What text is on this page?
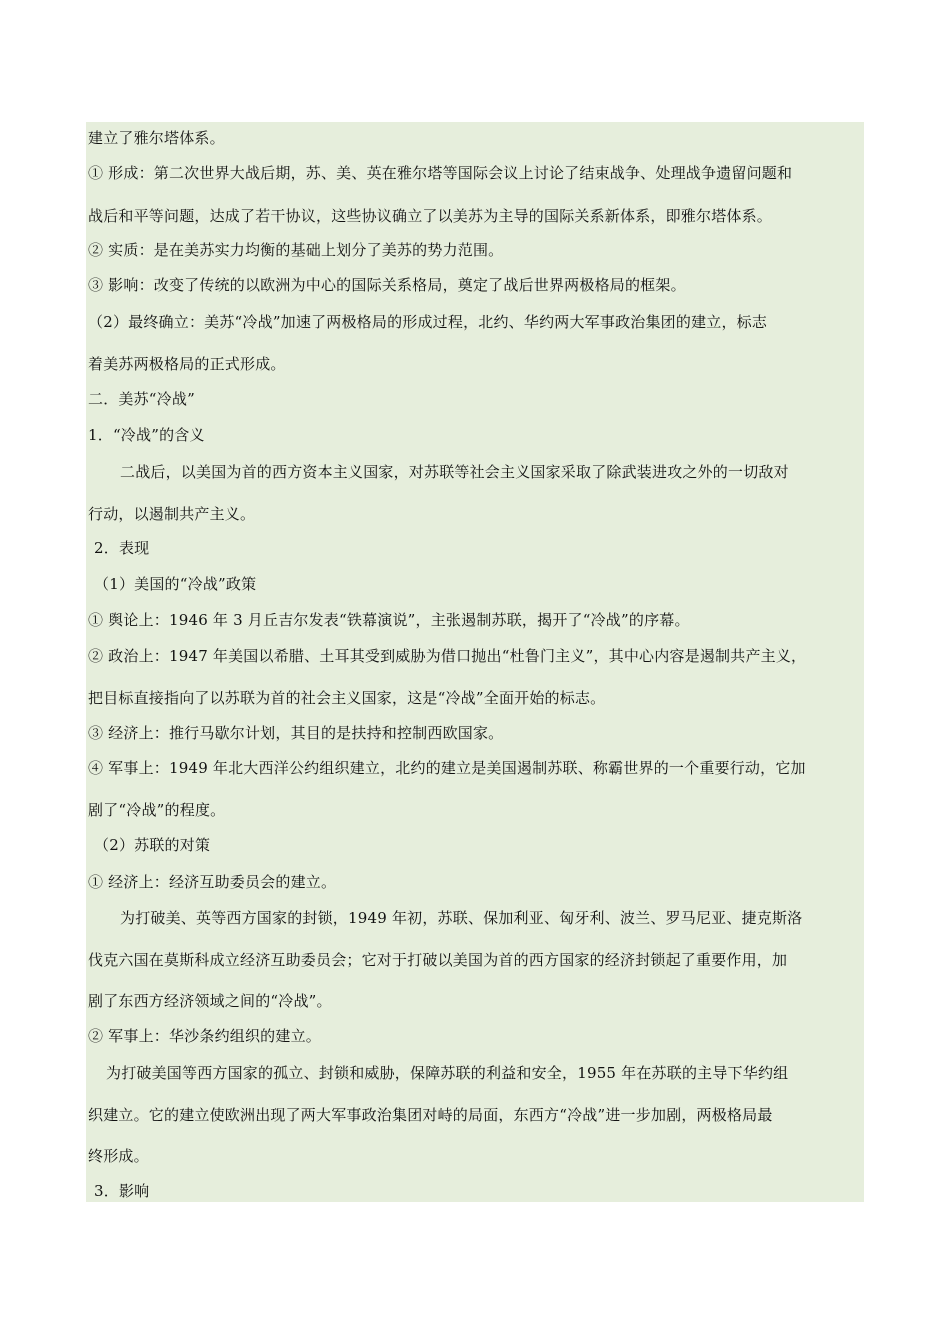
建立了雅尔塔体系。
① 形成：第二次世界大战后期，苏、美、英在雅尔塔等国际会议上讨论了结束战争、处理战争遗留问题和
战后和平等问题，达成了若干协议，这些协议确立了以美苏为主导的国际关系新体系，即雅尔塔体系。
② 实质：是在美苏实力均衡的基础上划分了美苏的势力范围。
③ 影响：改变了传统的以欧洲为中心的国际关系格局，奠定了战后世界两极格局的框架。
（2）最终确立：美苏“冷战”加速了两极格局的形成过程，北约、华约两大军事政治集团的建立，标志
着美苏两极格局的正式形成。
二．美苏“冷战”
1．“冷战”的含义
二战后，以美国为首的西方资本主义国家，对苏联等社会主义国家采取了除武装进攻之外的一切敌对
行动，以遏制共产主义。
2．表现
（1）美国的“冷战”政策
① 舆论上：1946 年 3 月丘吉尔发表“铁幕演说”，主张遏制苏联，揭开了“冷战”的序幕。
② 政治上：1947 年美国以希腊、土耳其受到威胁为借口抛出“杜鲁门主义”，其中心内容是遏制共产主义，
把目标直接指向了以苏联为首的社会主义国家，这是“冷战”全面开始的标志。
③ 经济上：推行马歇尔计划，其目的是扶持和控制西欧国家。
④ 军事上：1949 年北大西洋公约组织建立，北约的建立是美国遏制苏联、称霸世界的一个重要行动，它加
剧了“冷战”的程度。
（2）苏联的对策
① 经济上：经济互助委员会的建立。
为打破美、英等西方国家的封锁，1949 年初，苏联、保加利亚、匈牙利、波兰、罗马尼亚、捷克斯洛
伐克六国在莫斯科成立经济互助委员会；它对于打破以美国为首的西方国家的经济封锁起了重要作用，加
剧了东西方经济领域之间的“冷战”。
② 军事上：华沙条约组织的建立。
为打破美国等西方国家的孤立、封锁和威胁，保障苏联的利益和安全，1955 年在苏联的主导下华约组
织建立。它的建立使欧洲出现了两大军事政治集团对峙的局面，东西方“冷战”进一步加剧，两极格局最
终形成。
3．影响
